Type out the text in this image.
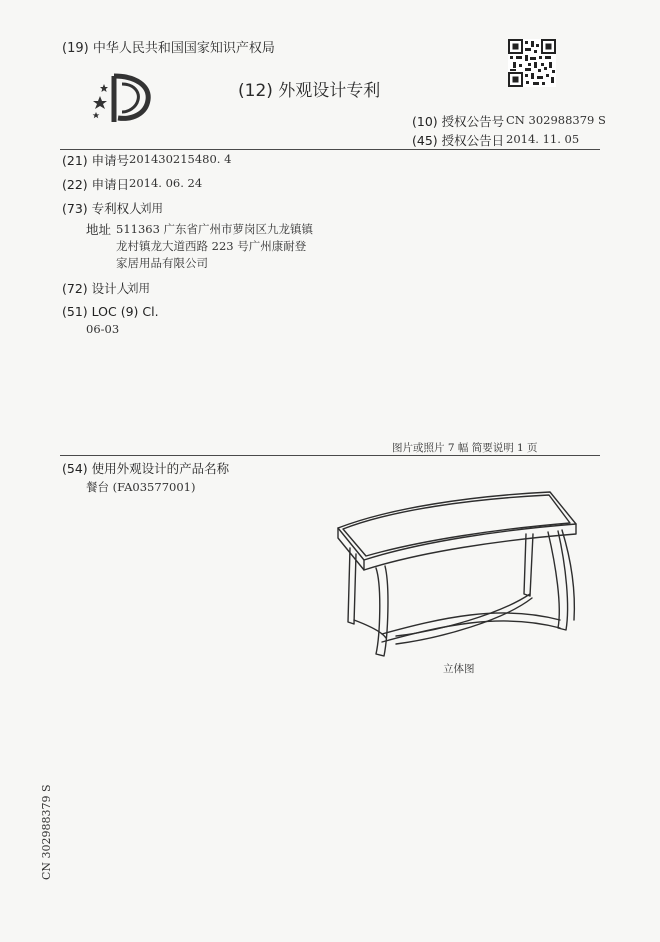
(19) 中华人民共和国国家知识产权局
(12) 外观设计专利
(10) 授权公告号 CN 302988379 S
(45) 授权公告日 2014. 11. 05
(21) 申请号 201430215480. 4
(22) 申请日 2014. 06. 24
(73) 专利权人
刘用
地址 511363 广东省广州市萝岗区九龙镇镇
龙村镇龙大道西路 223 号广州康耐登
家居用品有限公司
(72) 设计人
刘用
(51) LOC (9) Cl.
06-03
图片或照片 7 幅 简要说明 1 页
(54) 使用外观设计的产品名称
餐台 (FA03577001)
立体图
CN 302988379 S
